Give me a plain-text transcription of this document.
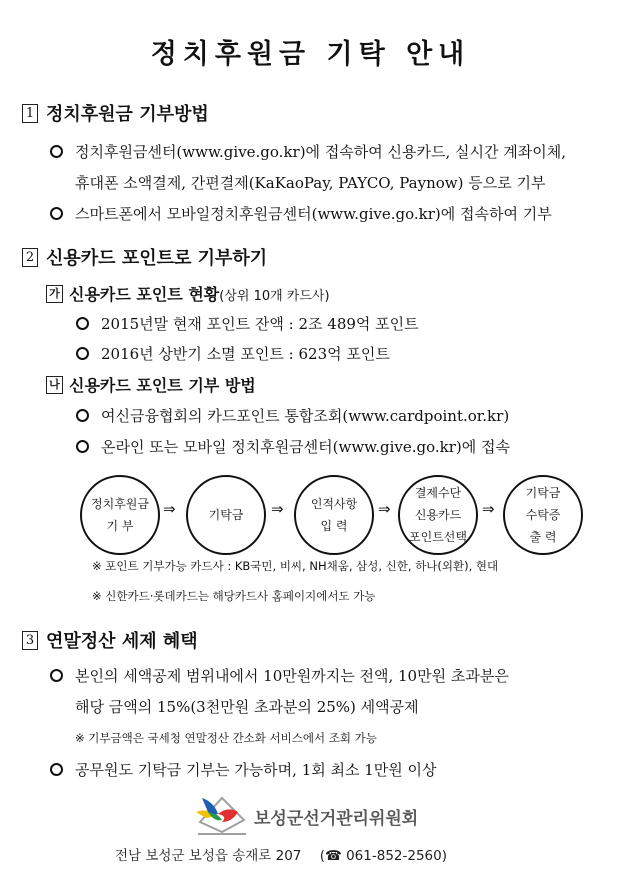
정치후원금 기탁 안내
1 정치후원금 기부방법
정치후원금센터(www.give.go.kr)에 접속하여 신용카드, 실시간 계좌이체,
휴대폰 소액결제, 간편결제(KaKaoPay, PAYCO, Paynow) 등으로 기부
스마트폰에서 모바일정치후원금센터(www.give.go.kr)에 접속하여 기부
2 신용카드 포인트로 기부하기
가 신용카드 포인트 현황(상위 10개 카드사)
2015년말 현재 포인트 잔액 : 2조 489억 포인트
2016년 상반기 소멸 포인트 : 623억 포인트
나 신용카드 포인트 기부 방법
여신금융협회의 카드포인트 통합조회(www.cardpoint.or.kr)
온라인 또는 모바일 정치후원금센터(www.give.go.kr)에 접속
정치후원금
기 부
⇒	기탁금 ⇒ 인적사항
입 력
⇒
결제수단
신용카드
포인트선택
⇒
기탁금
수탁증
출 력
※ 포인트 기부가능 카드사 : KB국민, 비씨, NH채움, 삼성, 신한, 하나(외환), 현대
※ 신한카드·롯데카드는 해당카드사 홈페이지에서도 가능
3 연말정산 세제 혜택
본인의 세액공제 범위내에서 10만원까지는 전액, 10만원 초과분은
해당 금액의 15%(3천만원 초과분의 25%) 세액공제
※ 기부금액은 국세청 연말정산 간소화 서비스에서 조회 가능
공무원도 기탁금 기부는 가능하며, 1회 최소 1만원 이상
보성군선거관리위원회
전남 보성군 보성읍 송재로 207 (☎ 061-852-2560)
